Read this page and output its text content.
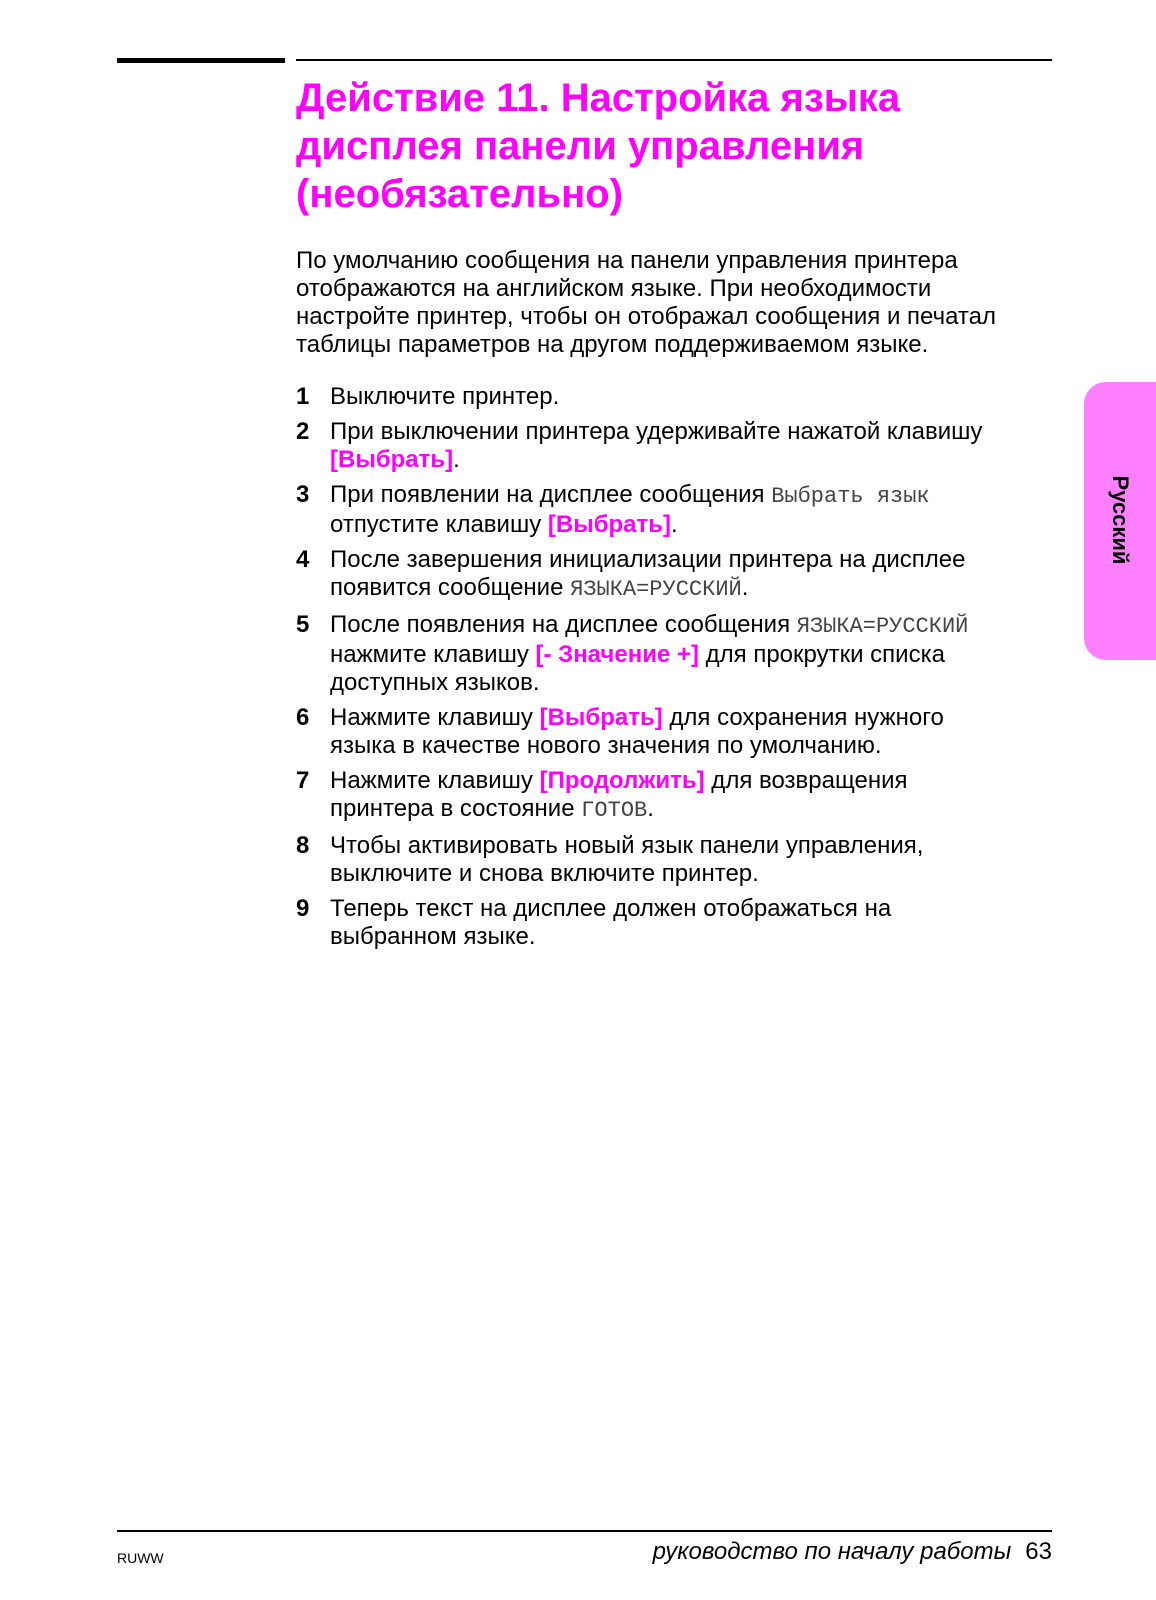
Действие 11. Настройка языка
дисплея панели управления
(необязательно)

По умолчанию сообщения на панели управления принтера
отображаются на английском языке. При необходимости
настройте принтер, чтобы он отображал сообщения и печатал
таблицы параметров на другом поддерживаемом языке.

1 Выключите принтер.
2 При выключении принтера удерживайте нажатой клавишу
[Выбрать].
3 При появлении на дисплее сообщения Выбрать язык
отпустите клавишу [Выбрать].
4 После завершения инициализации принтера на дисплее
появится сообщение ЯЗЫКА=РУССКИЙ.
5 После появления на дисплее сообщения ЯЗЫКА=РУССКИЙ
нажмите клавишу [- Значение +] для прокрутки списка
доступных языков.
6 Нажмите клавишу [Выбрать] для сохранения нужного
языка в качестве нового значения по умолчанию.
7 Нажмите клавишу [Продолжить] для возвращения
принтера в состояние ГОТОВ.
8 Чтобы активировать новый язык панели управления,
выключите и снова включите принтер.
9 Теперь текст на дисплее должен отображаться на
выбранном языке.
Русский
RUWW	руководство по началу работы 63
